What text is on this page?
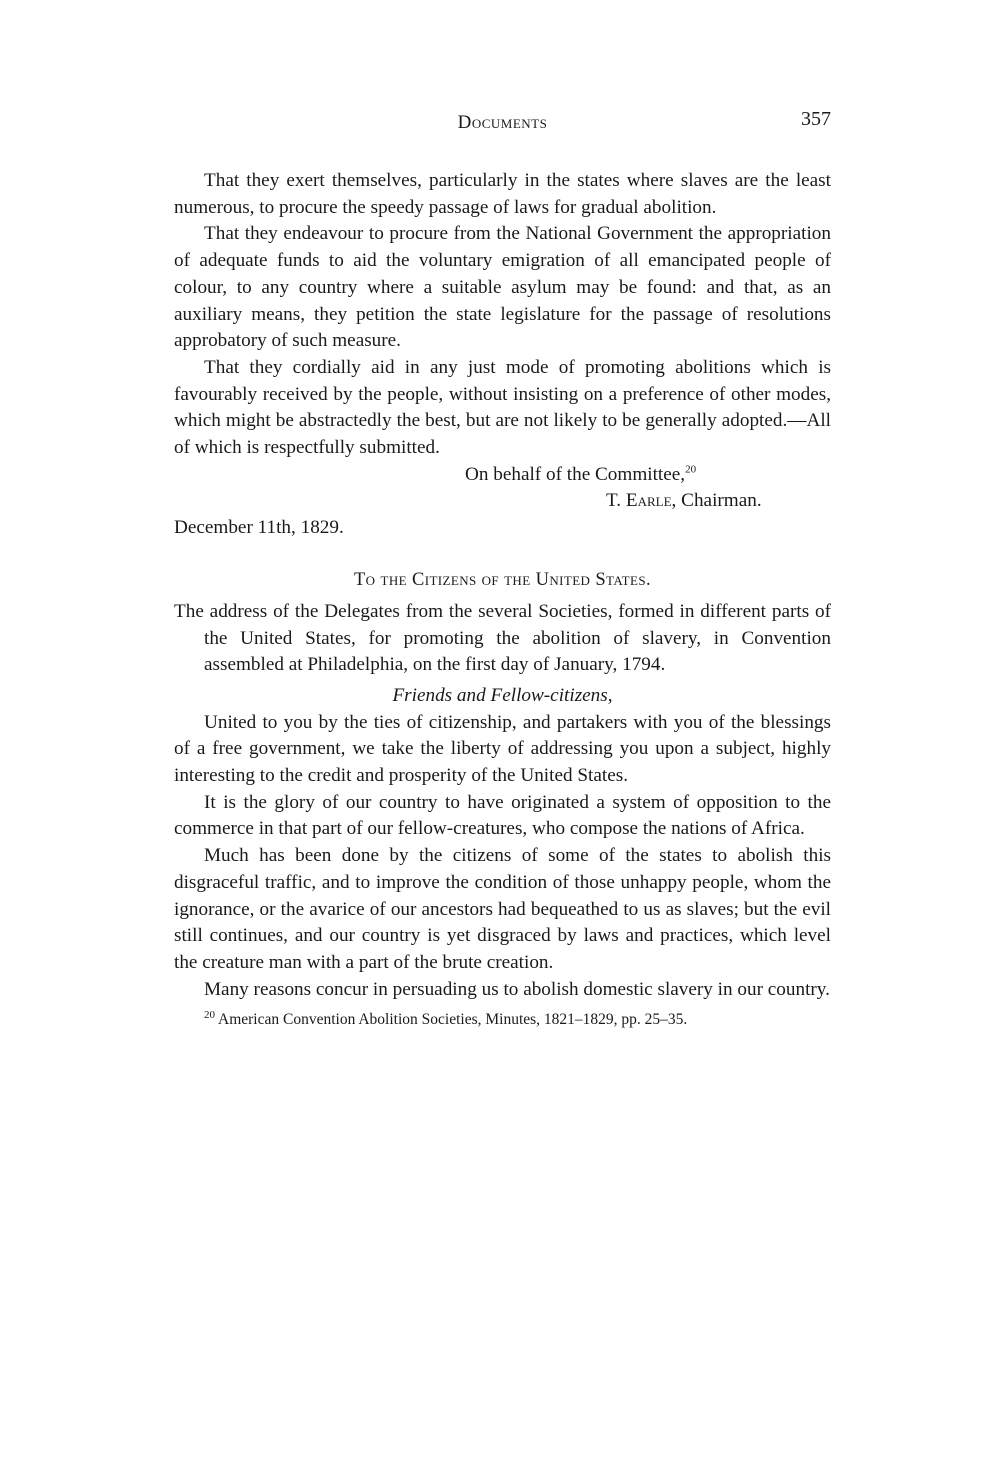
Documents	357

That they exert themselves, particularly in the states where slaves are the least numerous, to procure the speedy passage of laws for gradual abolition.

That they endeavour to procure from the National Government the appropriation of adequate funds to aid the voluntary emigration of all emancipated people of colour, to any country where a suitable asylum may be found: and that, as an auxiliary means, they petition the state legislature for the passage of resolutions approbatory of such measure.

That they cordially aid in any just mode of promoting abolitions which is favourably received by the people, without insisting on a preference of other modes, which might be abstractedly the best, but are not likely to be generally adopted.—All of which is respectfully submitted.

On behalf of the Committee,$^{20}$
T. Earle, Chairman.
December 11th, 1829.
To the Citizens of the United States.

The address of the Delegates from the several Societies, formed in different parts of the United States, for promoting the abolition of slavery, in Convention assembled at Philadelphia, on the first day of January, 1794.

Friends and Fellow-citizens,

United to you by the ties of citizenship, and partakers with you of the blessings of a free government, we take the liberty of addressing you upon a subject, highly interesting to the credit and prosperity of the United States.

It is the glory of our country to have originated a system of opposition to the commerce in that part of our fellow-creatures, who compose the nations of Africa.

Much has been done by the citizens of some of the states to abolish this disgraceful traffic, and to improve the condition of those unhappy people, whom the ignorance, or the avarice of our ancestors had bequeathed to us as slaves; but the evil still continues, and our country is yet disgraced by laws and practices, which level the creature man with a part of the brute creation.

Many reasons concur in persuading us to abolish domestic slavery in our country.

$^{20}$ American Convention Abolition Societies, Minutes, 1821–1829, pp. 25–35.
